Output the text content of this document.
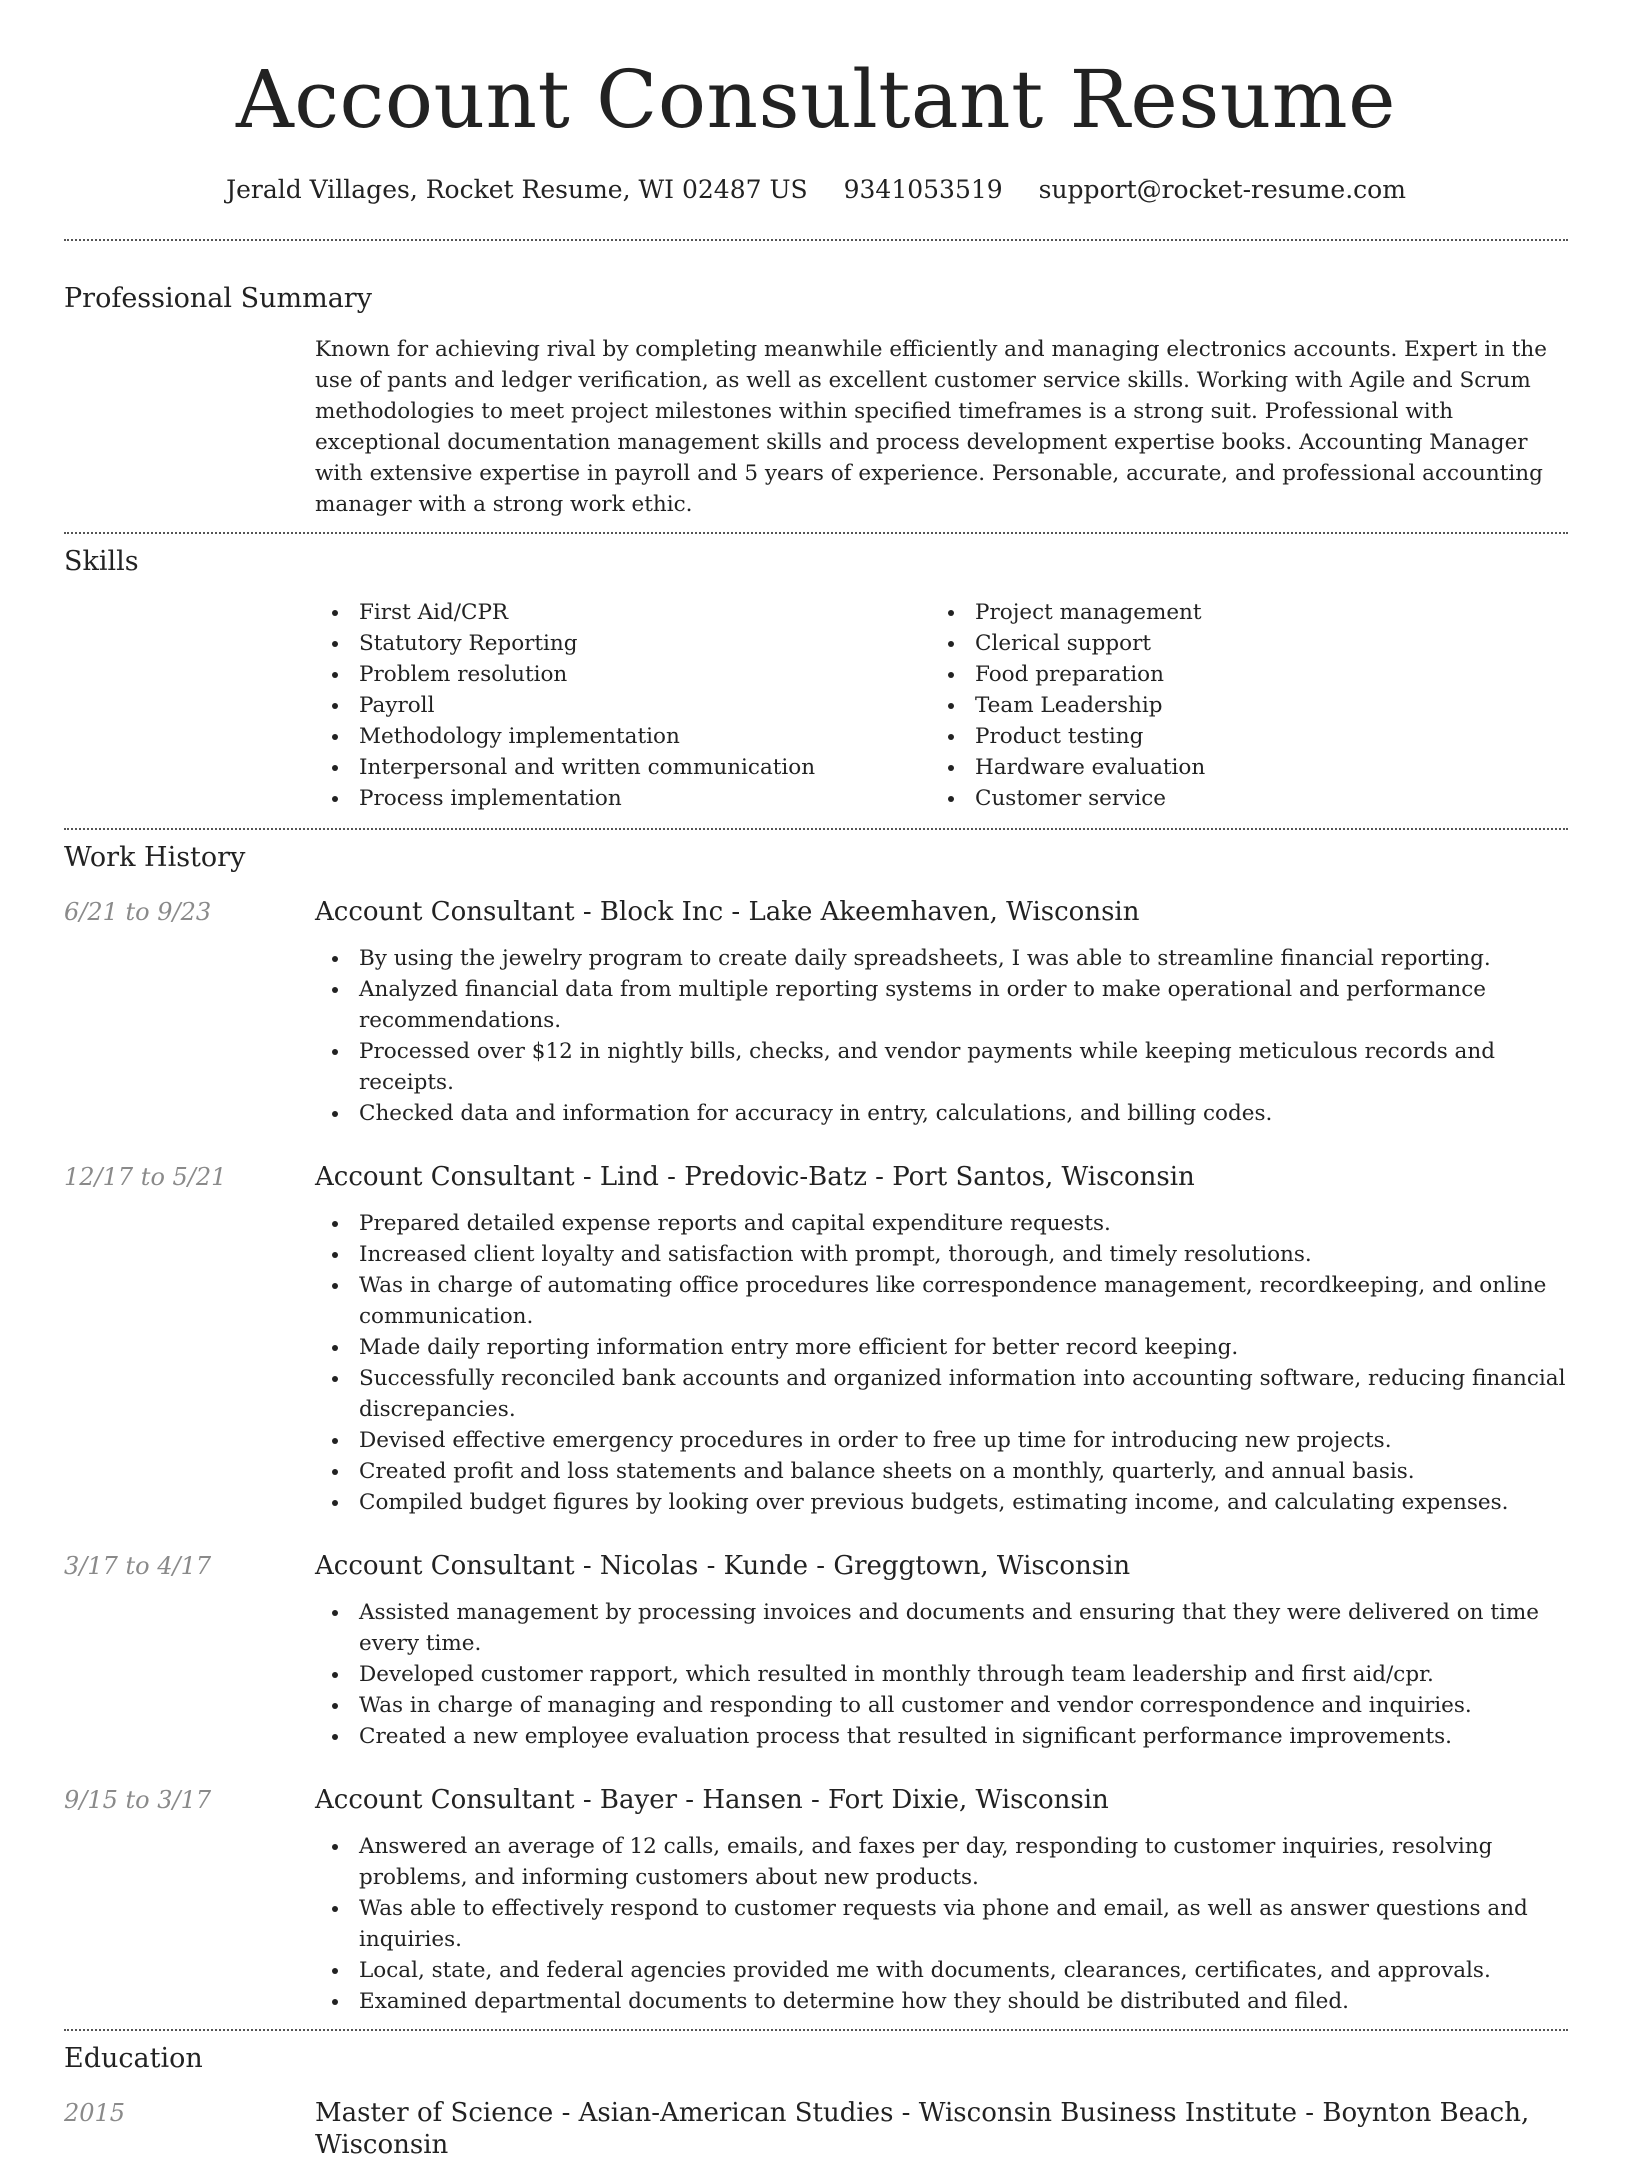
Account Consultant Resume
Jerald Villages, Rocket Resume, WI 02487 US 9341053519 support@rocket-resume.com
Professional Summary
Known for achieving rival by completing meanwhile efficiently and managing electronics accounts. Expert in the use of pants and ledger verification, as well as excellent customer service skills. Working with Agile and Scrum methodologies to meet project milestones within specified timeframes is a strong suit. Professional with exceptional documentation management skills and process development expertise books. Accounting Manager with extensive expertise in payroll and 5 years of experience. Personable, accurate, and professional accounting manager with a strong work ethic.
Skills
First Aid/CPR
Statutory Reporting
Problem resolution
Payroll
Methodology implementation
Interpersonal and written communication
Process implementation
Project management
Clerical support
Food preparation
Team Leadership
Product testing
Hardware evaluation
Customer service
Work History
6/21 to 9/23	Account Consultant - Block Inc - Lake Akeemhaven, Wisconsin
By using the jewelry program to create daily spreadsheets, I was able to streamline financial reporting.
Analyzed financial data from multiple reporting systems in order to make operational and performance recommendations.
Processed over $12 in nightly bills, checks, and vendor payments while keeping meticulous records and receipts.
Checked data and information for accuracy in entry, calculations, and billing codes.
12/17 to 5/21	Account Consultant - Lind - Predovic-Batz - Port Santos, Wisconsin
Prepared detailed expense reports and capital expenditure requests.
Increased client loyalty and satisfaction with prompt, thorough, and timely resolutions.
Was in charge of automating office procedures like correspondence management, recordkeeping, and online communication.
Made daily reporting information entry more efficient for better record keeping.
Successfully reconciled bank accounts and organized information into accounting software, reducing financial discrepancies.
Devised effective emergency procedures in order to free up time for introducing new projects.
Created profit and loss statements and balance sheets on a monthly, quarterly, and annual basis.
Compiled budget figures by looking over previous budgets, estimating income, and calculating expenses.
3/17 to 4/17	Account Consultant - Nicolas - Kunde - Greggtown, Wisconsin
Assisted management by processing invoices and documents and ensuring that they were delivered on time every time.
Developed customer rapport, which resulted in monthly through team leadership and first aid/cpr.
Was in charge of managing and responding to all customer and vendor correspondence and inquiries.
Created a new employee evaluation process that resulted in significant performance improvements.
9/15 to 3/17	Account Consultant - Bayer - Hansen - Fort Dixie, Wisconsin
Answered an average of 12 calls, emails, and faxes per day, responding to customer inquiries, resolving problems, and informing customers about new products.
Was able to effectively respond to customer requests via phone and email, as well as answer questions and inquiries.
Local, state, and federal agencies provided me with documents, clearances, certificates, and approvals.
Examined departmental documents to determine how they should be distributed and filed.
Education
2015	Master of Science - Asian-American Studies - Wisconsin Business Institute - Boynton Beach, Wisconsin
